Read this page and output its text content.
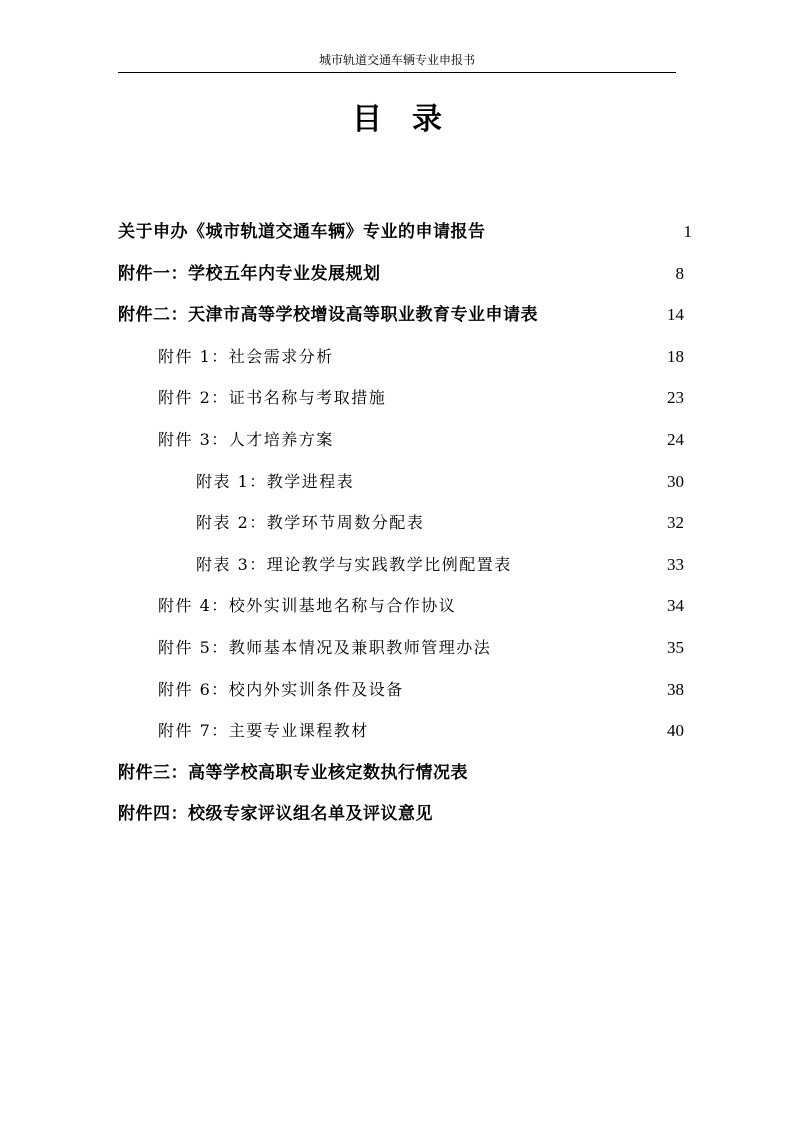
城市轨道交通车辆专业申报书
目录
关于申办《城市轨道交通车辆》专业的申请报告	1
附件一：学校五年内专业发展规划	8
附件二：天津市高等学校增设高等职业教育专业申请表	14
附件 1：社会需求分析	18
附件 2：证书名称与考取措施	23
附件 3：人才培养方案	24
附表 1：教学进程表	30
附表 2：教学环节周数分配表	32
附表 3：理论教学与实践教学比例配置表	33
附件 4：校外实训基地名称与合作协议	34
附件 5：教师基本情况及兼职教师管理办法	35
附件 6：校内外实训条件及设备	38
附件 7：主要专业课程教材	40
附件三：高等学校高职专业核定数执行情况表
附件四：校级专家评议组名单及评议意见
